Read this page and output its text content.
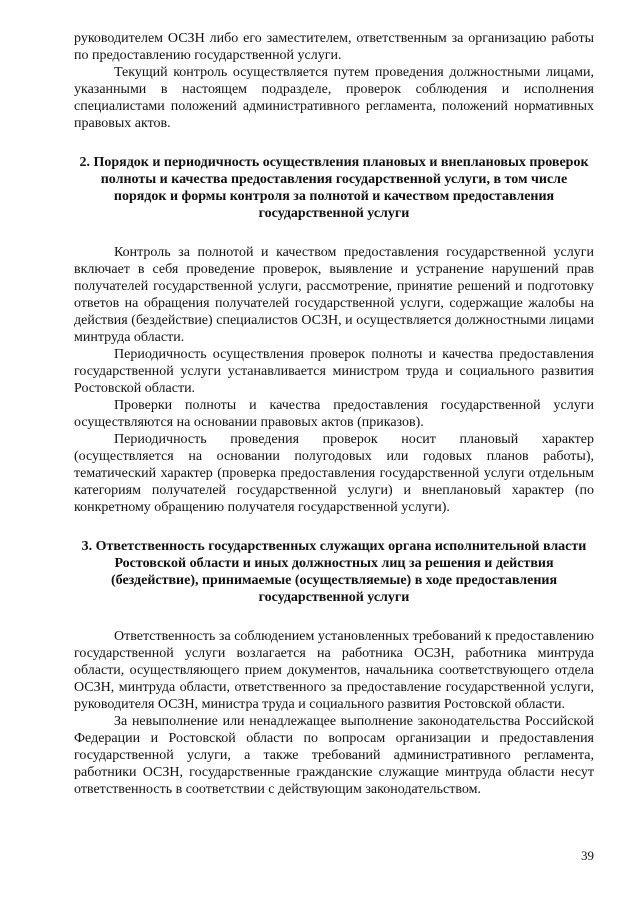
руководителем ОСЗН либо его заместителем, ответственным за организацию работы по предоставлению государственной услуги.

Текущий контроль осуществляется путем проведения должностными лицами, указанными в настоящем подразделе, проверок соблюдения и исполнения специалистами положений административного регламента, положений нормативных правовых актов.

2. Порядок и периодичность осуществления плановых и внеплановых проверок полноты и качества предоставления государственной услуги, в том числе порядок и формы контроля за полнотой и качеством предоставления государственной услуги

Контроль за полнотой и качеством предоставления государственной услуги включает в себя проведение проверок, выявление и устранение нарушений прав получателей государственной услуги, рассмотрение, принятие решений и подготовку ответов на обращения получателей государственной услуги, содержащие жалобы на действия (бездействие) специалистов ОСЗН, и осуществляется должностными лицами минтруда области.

Периодичность осуществления проверок полноты и качества предоставления государственной услуги устанавливается министром труда и социального развития Ростовской области.

Проверки полноты и качества предоставления государственной услуги осуществляются на основании правовых актов (приказов).

Периодичность проведения проверок носит плановый характер (осуществляется на основании полугодовых или годовых планов работы), тематический характер (проверка предоставления государственной услуги отдельным категориям получателей государственной услуги) и внеплановый характер (по конкретному обращению получателя государственной услуги).

3. Ответственность государственных служащих органа исполнительной власти Ростовской области и иных должностных лиц за решения и действия (бездействие), принимаемые (осуществляемые) в ходе предоставления государственной услуги

Ответственность за соблюдением установленных требований к предоставлению государственной услуги возлагается на работника ОСЗН, работника минтруда области, осуществляющего прием документов, начальника соответствующего отдела ОСЗН, минтруда области, ответственного за предоставление государственной услуги, руководителя ОСЗН, министра труда и социального развития Ростовской области.

За невыполнение или ненадлежащее выполнение законодательства Российской Федерации и Ростовской области по вопросам организации и предоставления государственной услуги, а также требований административного регламента, работники ОСЗН, государственные гражданские служащие минтруда области несут ответственность в соответствии с действующим законодательством.

39
